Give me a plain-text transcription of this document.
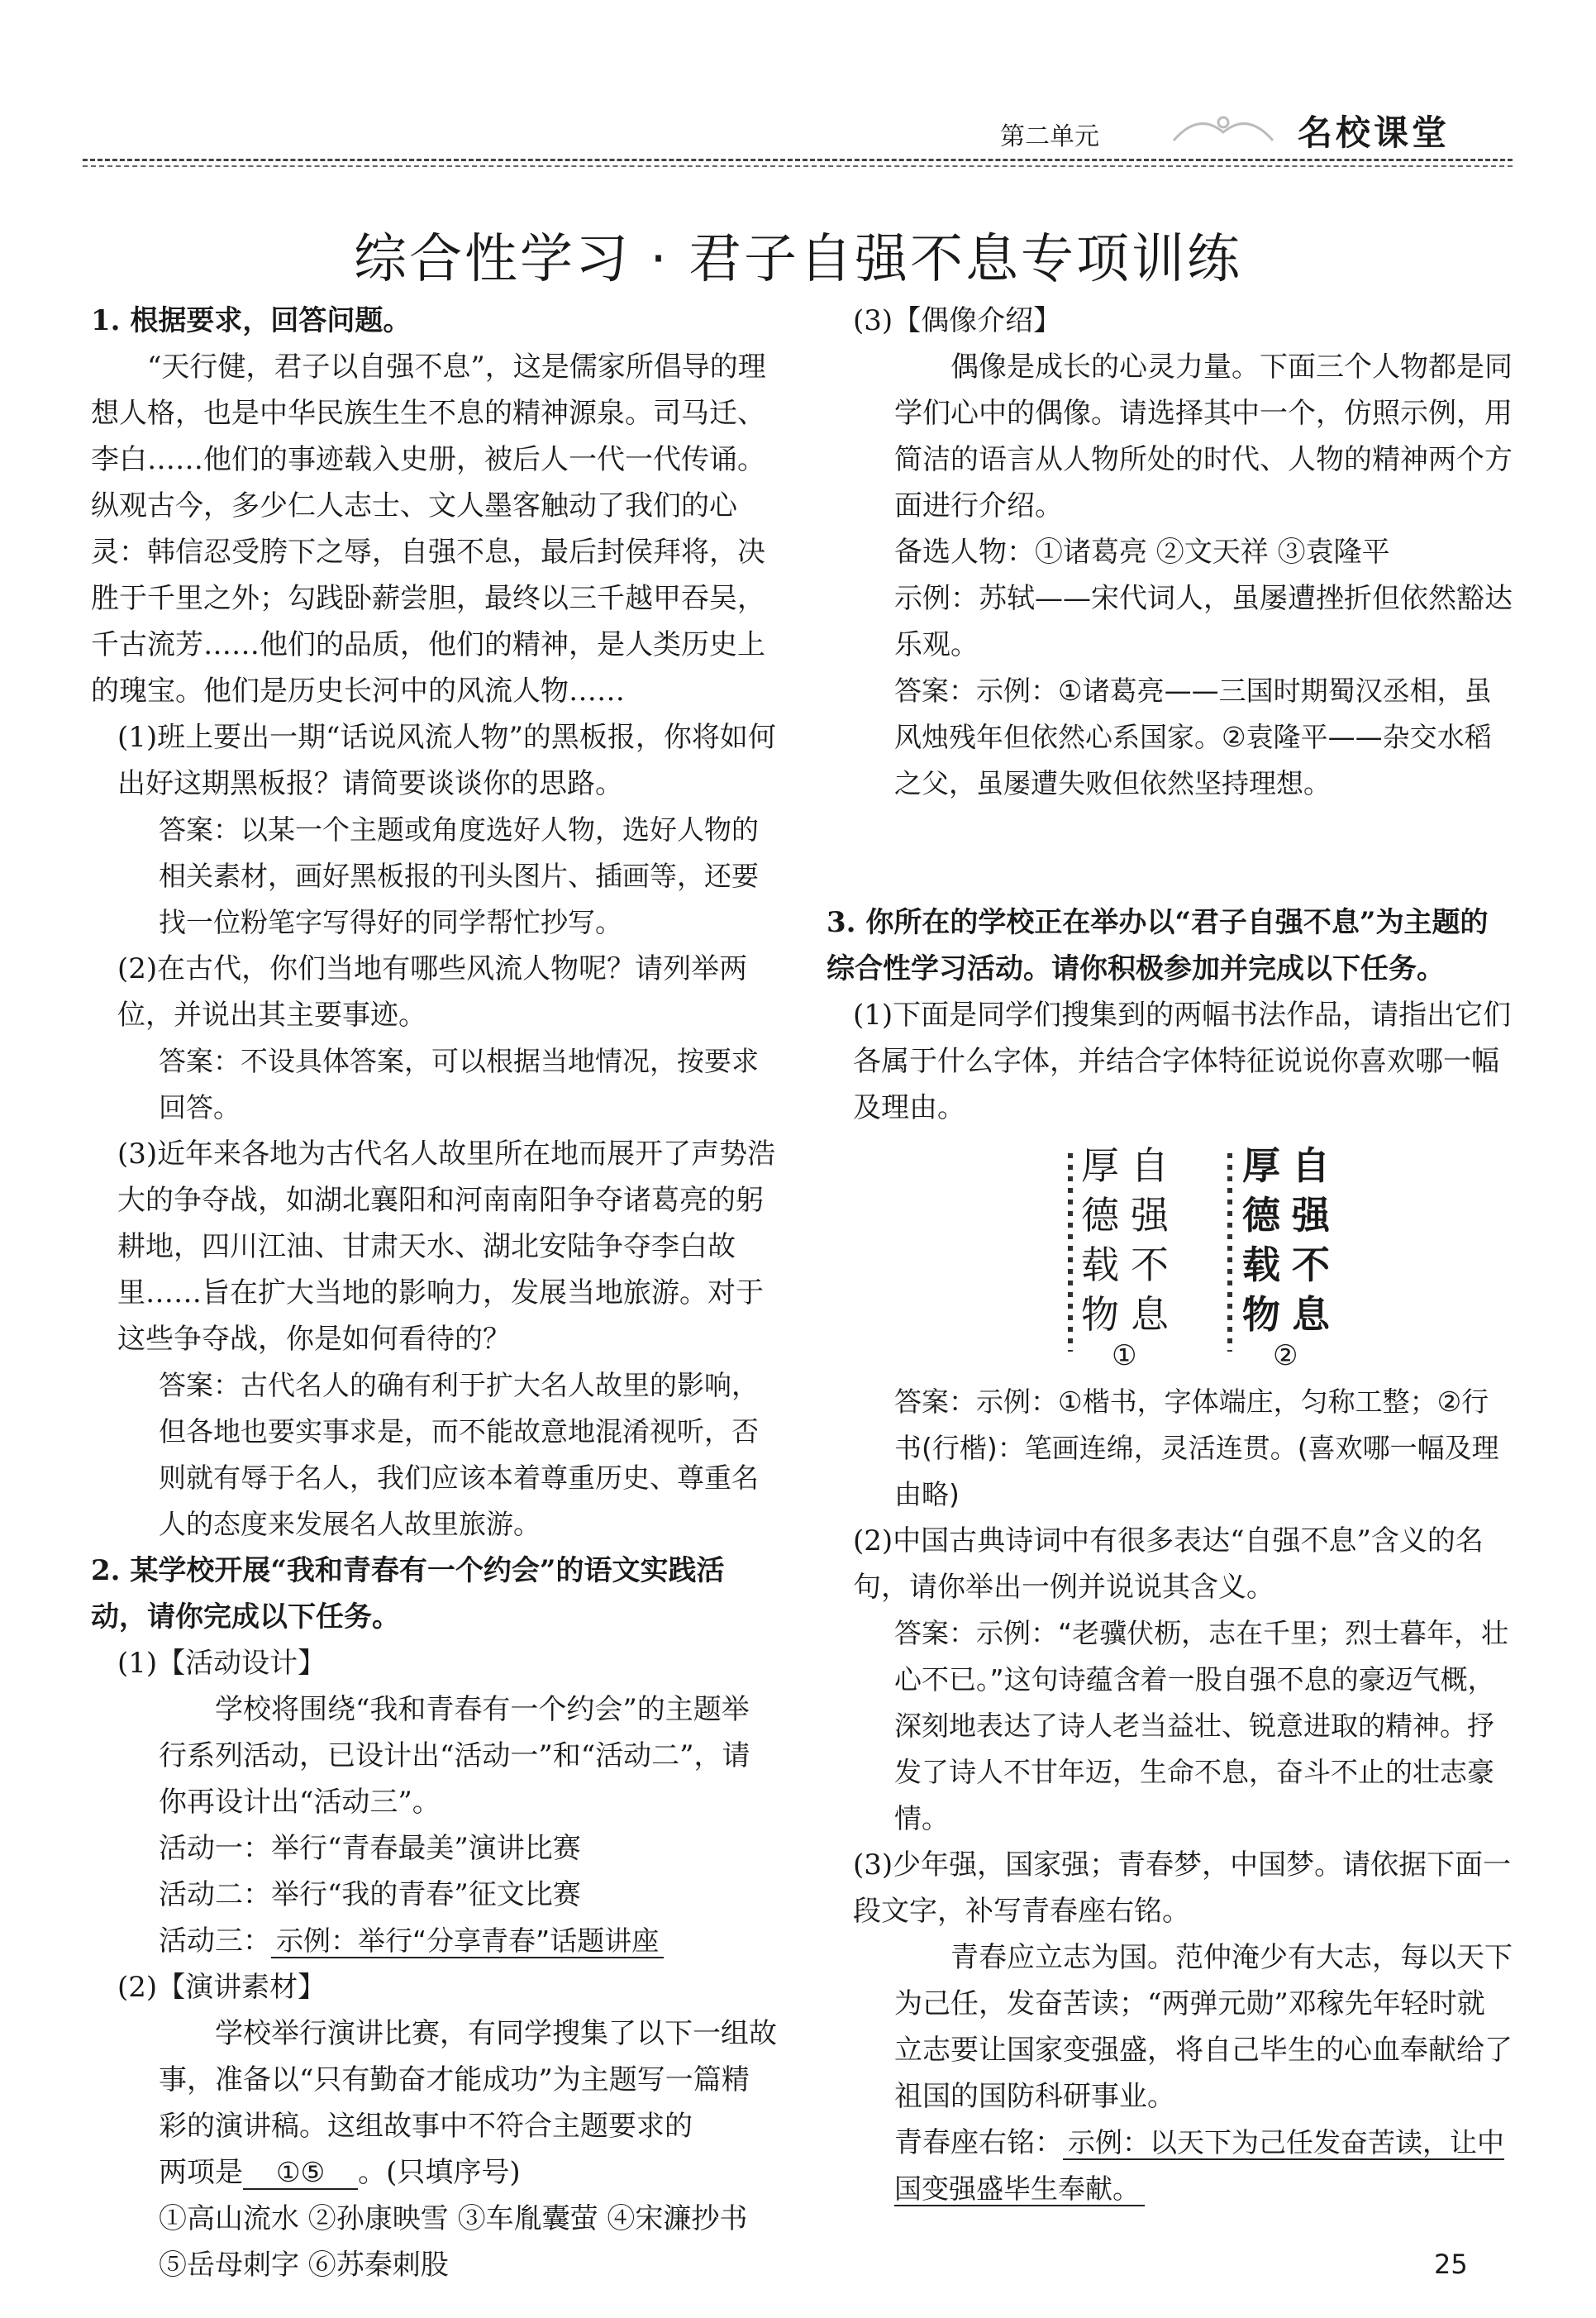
第二单元	名校课堂
综合性学习 · 君子自强不息专项训练

1. 根据要求，回答问题。

“天行健，君子以自强不息”，这是儒家所倡导的理想人格，也是中华民族生生不息的精神源泉。司马迁、李白……他们的事迹载入史册，被后人一代一代传诵。纵观古今，多少仁人志士、文人墨客触动了我们的心灵：韩信忍受胯下之辱，自强不息，最后封侯拜将，决胜于千里之外；勾践卧薪尝胆，最终以三千越甲吞吴，千古流芳……他们的品质，他们的精神，是人类历史上的瑰宝。他们是历史长河中的风流人物……

(1)班上要出一期“话说风流人物”的黑板报，你将如何出好这期黑板报？请简要谈谈你的思路。

答案：以某一个主题或角度选好人物，选好人物的相关素材，画好黑板报的刊头图片、插画等，还要找一位粉笔字写得好的同学帮忙抄写。

(2)在古代，你们当地有哪些风流人物呢？请列举两位，并说出其主要事迹。

答案：不设具体答案，可以根据当地情况，按要求回答。

(3)近年来各地为古代名人故里所在地而展开了声势浩大的争夺战，如湖北襄阳和河南南阳争夺诸葛亮的躬耕地，四川江油、甘肃天水、湖北安陆争夺李白故里……旨在扩大当地的影响力，发展当地旅游。对于这些争夺战，你是如何看待的？

答案：古代名人的确有利于扩大名人故里的影响，但各地也要实事求是，而不能故意地混淆视听，否则就有辱于名人，我们应该本着尊重历史、尊重名人的态度来发展名人故里旅游。

2. 某学校开展“我和青春有一个约会”的语文实践活动，请你完成以下任务。

(1)【活动设计】

学校将围绕“我和青春有一个约会”的主题举行系列活动，已设计出“活动一”和“活动二”，请你再设计出“活动三”。

活动一：举行“青春最美”演讲比赛

活动二：举行“我的青春”征文比赛

活动三： 示例：举行“分享青春”话题讲座

(2)【演讲素材】

学校举行演讲比赛，有同学搜集了以下一组故事，准备以“只有勤奋才能成功”为主题写一篇精彩的演讲稿。这组故事中不符合主题要求的

两项是 ①⑤ 。(只填序号)

①高山流水 ②孙康映雪 ③车胤囊萤 ④宋濂抄书 ⑤岳母刺字 ⑥苏秦刺股

(3)【偶像介绍】

偶像是成长的心灵力量。下面三个人物都是同学们心中的偶像。请选择其中一个，仿照示例，用简洁的语言从人物所处的时代、人物的精神两个方面进行介绍。

备选人物：①诸葛亮 ②文天祥 ③袁隆平

示例：苏轼——宋代词人，虽屡遭挫折但依然豁达乐观。

答案：示例：①诸葛亮——三国时期蜀汉丞相，虽风烛残年但依然心系国家。②袁隆平——杂交水稻之父，虽屡遭失败但依然坚持理想。

3. 你所在的学校正在举办以“君子自强不息”为主题的综合性学习活动。请你积极参加并完成以下任务。

(1)下面是同学们搜集到的两幅书法作品，请指出它们各属于什么字体，并结合字体特征说说你喜欢哪一幅及理由。

答案：示例：①楷书，字体端庄，匀称工整；②行书(行楷)：笔画连绵，灵活连贯。(喜欢哪一幅及理由略)

(2)中国古典诗词中有很多表达“自强不息”含义的名句，请你举出一例并说说其含义。

答案：示例：“老骥伏枥，志在千里；烈士暮年，壮心不已。”这句诗蕴含着一股自强不息的豪迈气概，深刻地表达了诗人老当益壮、锐意进取的精神。抒发了诗人不甘年迈，生命不息，奋斗不止的壮志豪情。

(3)少年强，国家强；青春梦，中国梦。请依据下面一段文字，补写青春座右铭。

青春应立志为国。范仲淹少有大志，每以天下为己任，发奋苦读；“两弹元勋”邓稼先年轻时就立志要让国家变强盛，将自己毕生的心血奉献给了祖国的国防科研事业。

青春座右铭： 示例：以天下为己任发奋苦读，让中国变强盛毕生奉献。

厚德载物
自强不息
厚德载物
自强不息
①	②
25
